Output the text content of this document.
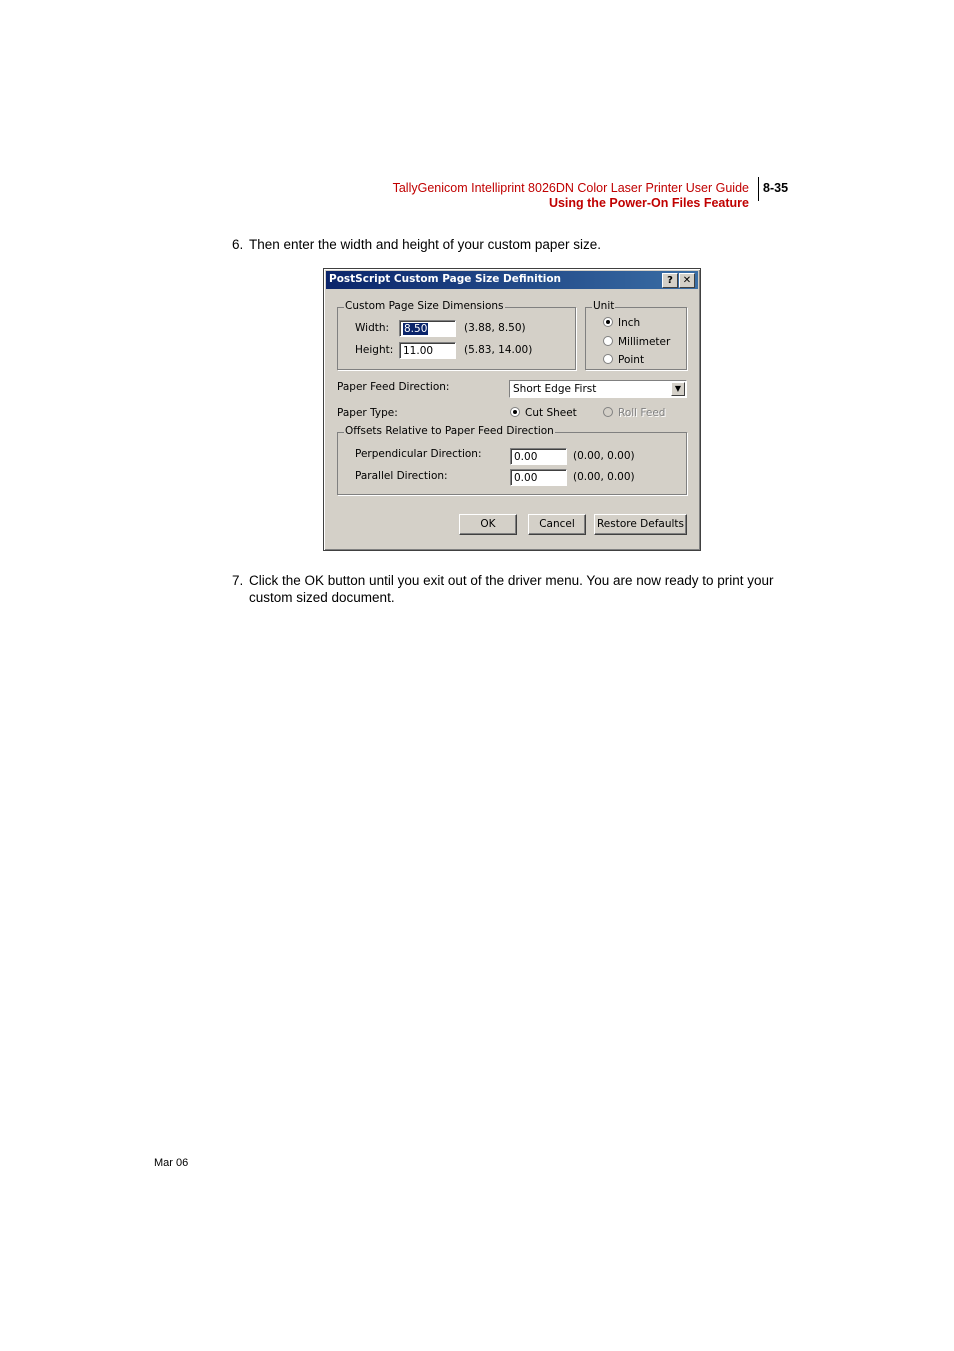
TallyGenicom Intelliprint 8026DN Color Laser Printer User Guide
Using the Power-On Files Feature
8-35
6. Then enter the width and height of your custom paper size.
PostScript Custom Page Size Definition	? ✕
Custom Page Size Dimensions
Width:	8.50	(3.88, 8.50)
Height: 11.00	(5.83, 14.00)
Unit
Inch
Millimeter
Point
Paper Feed Direction:	Short Edge First	▼
Paper Type:	Cut Sheet	Roll Feed
Offsets Relative to Paper Feed Direction
Perpendicular Direction:	0.00	(0.00, 0.00)
Parallel Direction:	0.00	(0.00, 0.00)
OK	Cancel	Restore Defaults
7. Click the OK button until you exit out of the driver menu. You are now ready to print your custom sized document.
Mar 06
